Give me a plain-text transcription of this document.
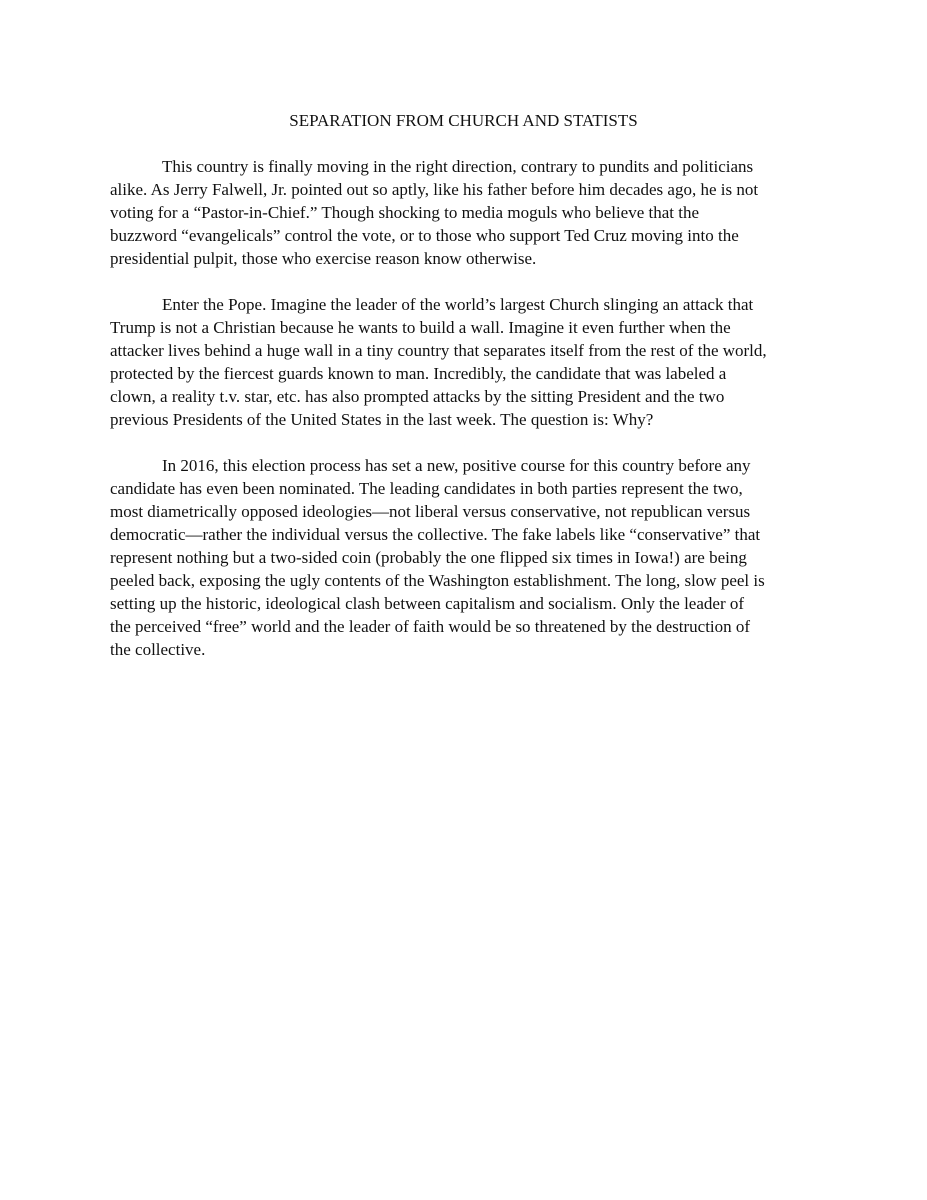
SEPARATION FROM CHURCH AND STATISTS

This country is finally moving in the right direction, contrary to pundits and politicians
alike. As Jerry Falwell, Jr. pointed out so aptly, like his father before him decades ago, he is not
voting for a “Pastor-in-Chief.” Though shocking to media moguls who believe that the
buzzword “evangelicals” control the vote, or to those who support Ted Cruz moving into the
presidential pulpit, those who exercise reason know otherwise.

Enter the Pope. Imagine the leader of the world’s largest Church slinging an attack that
Trump is not a Christian because he wants to build a wall. Imagine it even further when the
attacker lives behind a huge wall in a tiny country that separates itself from the rest of the world,
protected by the fiercest guards known to man. Incredibly, the candidate that was labeled a
clown, a reality t.v. star, etc. has also prompted attacks by the sitting President and the two
previous Presidents of the United States in the last week. The question is: Why?

In 2016, this election process has set a new, positive course for this country before any
candidate has even been nominated. The leading candidates in both parties represent the two,
most diametrically opposed ideologies—not liberal versus conservative, not republican versus
democratic—rather the individual versus the collective. The fake labels like “conservative” that
represent nothing but a two-sided coin (probably the one flipped six times in Iowa!) are being
peeled back, exposing the ugly contents of the Washington establishment. The long, slow peel is
setting up the historic, ideological clash between capitalism and socialism. Only the leader of
the perceived “free” world and the leader of faith would be so threatened by the destruction of
the collective.
